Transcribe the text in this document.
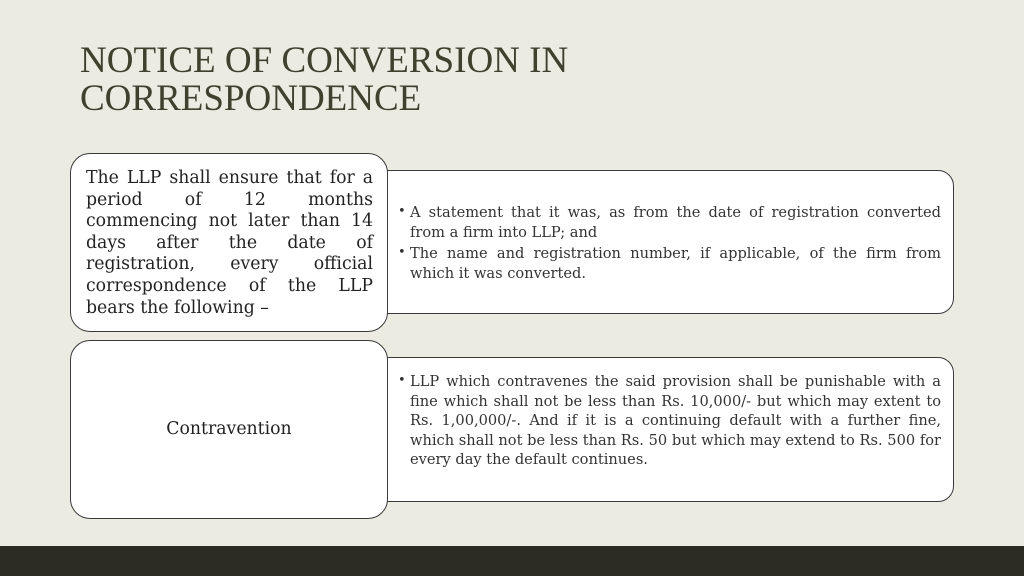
NOTICE OF CONVERSION IN
CORRESPONDENCE
• A statement that it was, as from the date of registration converted from a firm into LLP; and
• The name and registration number, if applicable, of the firm from which it was converted.
• LLP which contravenes the said provision shall be punishable with a fine which shall not be less than Rs. 10,000/- but which may extent to Rs. 1,00,000/-. And if it is a continuing default with a further fine, which shall not be less than Rs. 50 but which may extend to Rs. 500 for every day the default continues.
The LLP shall ensure that for a period of 12 months commencing not later than 14 days after the date of registration, every official correspondence of the LLP bears the following –
Contravention
